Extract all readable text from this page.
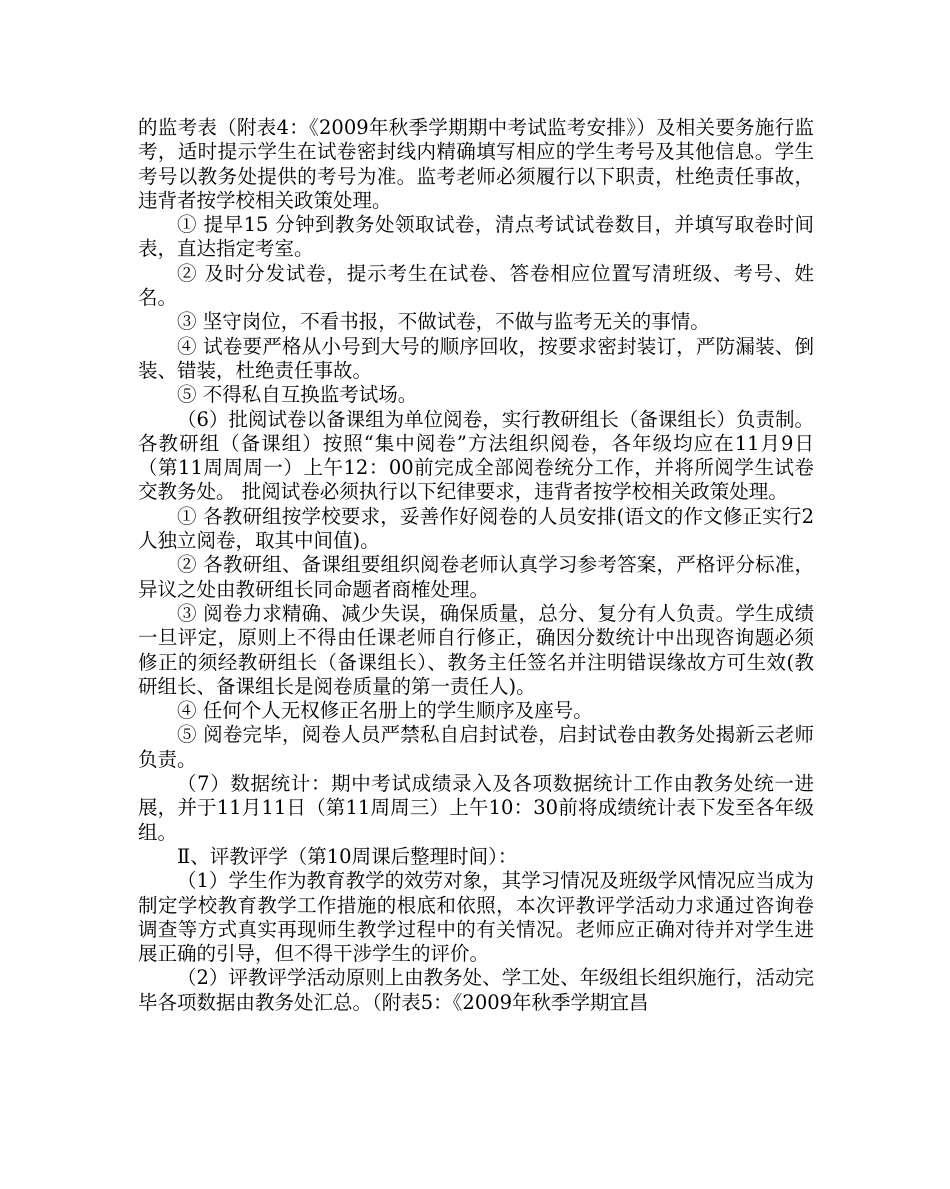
的监考表（附表4：《2009年秋季学期期中考试监考安排》）及相关要务施行监考，适时提示学生在试卷密封线内精确填写相应的学生考号及其他信息。学生考号以教务处提供的考号为准。监考老师必须履行以下职责，杜绝责任事故，违背者按学校相关政策处理。

① 提早15 分钟到教务处领取试卷，清点考试试卷数目，并填写取卷时间表，直达指定考室。

② 及时分发试卷，提示考生在试卷、答卷相应位置写清班级、考号、姓名。

③ 坚守岗位，不看书报，不做试卷，不做与监考无关的事情。

④ 试卷要严格从小号到大号的顺序回收，按要求密封装订，严防漏装、倒装、错装，杜绝责任事故。

⑤ 不得私自互换监考试场。

（6）批阅试卷以备课组为单位阅卷，实行教研组长（备课组长）负责制。各教研组（备课组）按照“集中阅卷”方法组织阅卷，各年级均应在11月9日（第11周周周一）上午12：00前完成全部阅卷统分工作，并将所阅学生试卷交教务处。 批阅试卷必须执行以下纪律要求，违背者按学校相关政策处理。

① 各教研组按学校要求，妥善作好阅卷的人员安排(语文的作文修正实行2人独立阅卷，取其中间值)。

② 各教研组、备课组要组织阅卷老师认真学习参考答案，严格评分标准，异议之处由教研组长同命题者商榷处理。

③ 阅卷力求精确、减少失误，确保质量，总分、复分有人负责。学生成绩一旦评定，原则上不得由任课老师自行修正，确因分数统计中出现咨询题必须修正的须经教研组长（备课组长）、教务主任签名并注明错误缘故方可生效(教研组长、备课组长是阅卷质量的第一责任人)。

④ 任何个人无权修正名册上的学生顺序及座号。

⑤ 阅卷完毕，阅卷人员严禁私自启封试卷，启封试卷由教务处揭新云老师负责。

（7）数据统计：期中考试成绩录入及各项数据统计工作由教务处统一进展，并于11月11日（第11周周三）上午10：30前将成绩统计表下发至各年级组。

Ⅱ、评教评学（第10周课后整理时间）：

（1）学生作为教育教学的效劳对象，其学习情况及班级学风情况应当成为制定学校教育教学工作措施的根底和依照，本次评教评学活动力求通过咨询卷调查等方式真实再现师生教学过程中的有关情况。老师应正确对待并对学生进展正确的引导，但不得干涉学生的评价。

（2）评教评学活动原则上由教务处、学工处、年级组长组织施行，活动完毕各项数据由教务处汇总。（附表5：《2009年秋季学期宜昌
